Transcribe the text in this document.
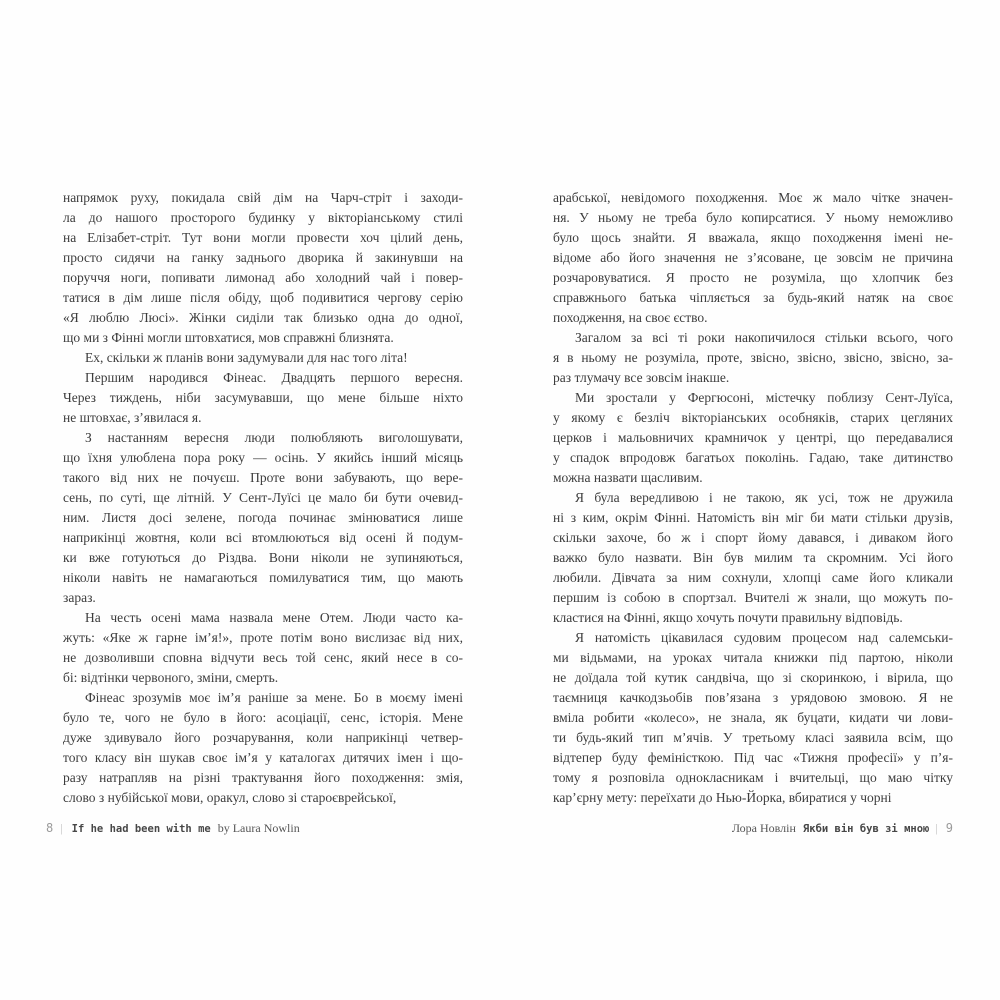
напрямок руху, покидала свій дім на Чарч-стріт і заходи-
ла до нашого просторого будинку у вікторіанському стилі
на Елізабет-стріт. Тут вони могли провести хоч цілий день,
просто сидячи на ганку заднього дворика й закинувши на
поруччя ноги, попивати лимонад або холодний чай і повер-
татися в дім лише після обіду, щоб подивитися чергову серію
«Я люблю Люсі». Жінки сиділи так близько одна до одної,
що ми з Фінні могли штовхатися, мов справжні близнята.
Ех, скільки ж планів вони задумували для нас того літа!
Першим народився Фінеас. Двадцять першого вересня.
Через тиждень, ніби засумувавши, що мене більше ніхто
не штовхає, з’явилася я.
З настанням вересня люди полюбляють виголошувати,
що їхня улюблена пора року — осінь. У якийсь інший місяць
такого від них не почуєш. Проте вони забувають, що вере-
сень, по суті, ще літній. У Сент-Луїсі це мало би бути очевид-
ним. Листя досі зелене, погода починає змінюватися лише
наприкінці жовтня, коли всі втомлюються від осені й подум-
ки вже готуються до Різдва. Вони ніколи не зупиняються,
ніколи навіть не намагаються помилуватися тим, що мають
зараз.
На честь осені мама назвала мене Отем. Люди часто ка-
жуть: «Яке ж гарне ім’я!», проте потім воно вислизає від них,
не дозволивши сповна відчути весь той сенс, який несе в со-
бі: відтінки червоного, зміни, смерть.
Фінеас зрозумів моє ім’я раніше за мене. Бо в моєму імені
було те, чого не було в його: асоціації, сенс, історія. Мене
дуже здивувало його розчарування, коли наприкінці четвер-
того класу він шукав своє ім’я у каталогах дитячих імен і що-
разу натрапляв на різні трактування його походження: змія,
слово з нубійської мови, оракул, слово зі староєврейської,
8 | If he had been with me by Laura Nowlin
арабської, невідомого походження. Моє ж мало чітке значен-
ня. У ньому не треба було копирсатися. У ньому неможливо
було щось знайти. Я вважала, якщо походження імені не-
відоме або його значення не з’ясоване, це зовсім не причина
розчаровуватися. Я просто не розуміла, що хлопчик без
справжнього батька чіпляється за будь-який натяк на своє
походження, на своє єство.
Загалом за всі ті роки накопичилося стільки всього, чого
я в ньому не розуміла, проте, звісно, звісно, звісно, звісно, за-
раз тлумачу все зовсім інакше.
Ми зростали у Фергюсоні, містечку поблизу Сент-Луїса,
у якому є безліч вікторіанських особняків, старих цегляних
церков і мальовничих крамничок у центрі, що передавалися
у спадок впродовж багатьох поколінь. Гадаю, таке дитинство
можна назвати щасливим.
Я була вередливою і не такою, як усі, тож не дружила
ні з ким, окрім Фінні. Натомість він міг би мати стільки друзів,
скільки захоче, бо ж і спорт йому давався, і диваком його
важко було назвати. Він був милим та скромним. Усі його
любили. Дівчата за ним сохнули, хлопці саме його кликали
першим із собою в спортзал. Вчителі ж знали, що можуть по-
кластися на Фінні, якщо хочуть почути правильну відповідь.
Я натомість цікавилася судовим процесом над салемськи-
ми відьмами, на уроках читала книжки під партою, ніколи
не доїдала той кутик сандвіча, що зі скоринкою, і вірила, що
таємниця качкодзьобів пов’язана з урядовою змовою. Я не
вміла робити «колесо», не знала, як буцати, кидати чи лови-
ти будь-який тип м’ячів. У третьому класі заявила всім, що
відтепер буду феміністкою. Під час «Тижня професії» у п’я-
тому я розповіла однокласникам і вчительці, що маю чітку
кар’єрну мету: переїхати до Нью-Йорка, вбиратися у чорні
Лора Новлін Якби він був зі мною | 9
